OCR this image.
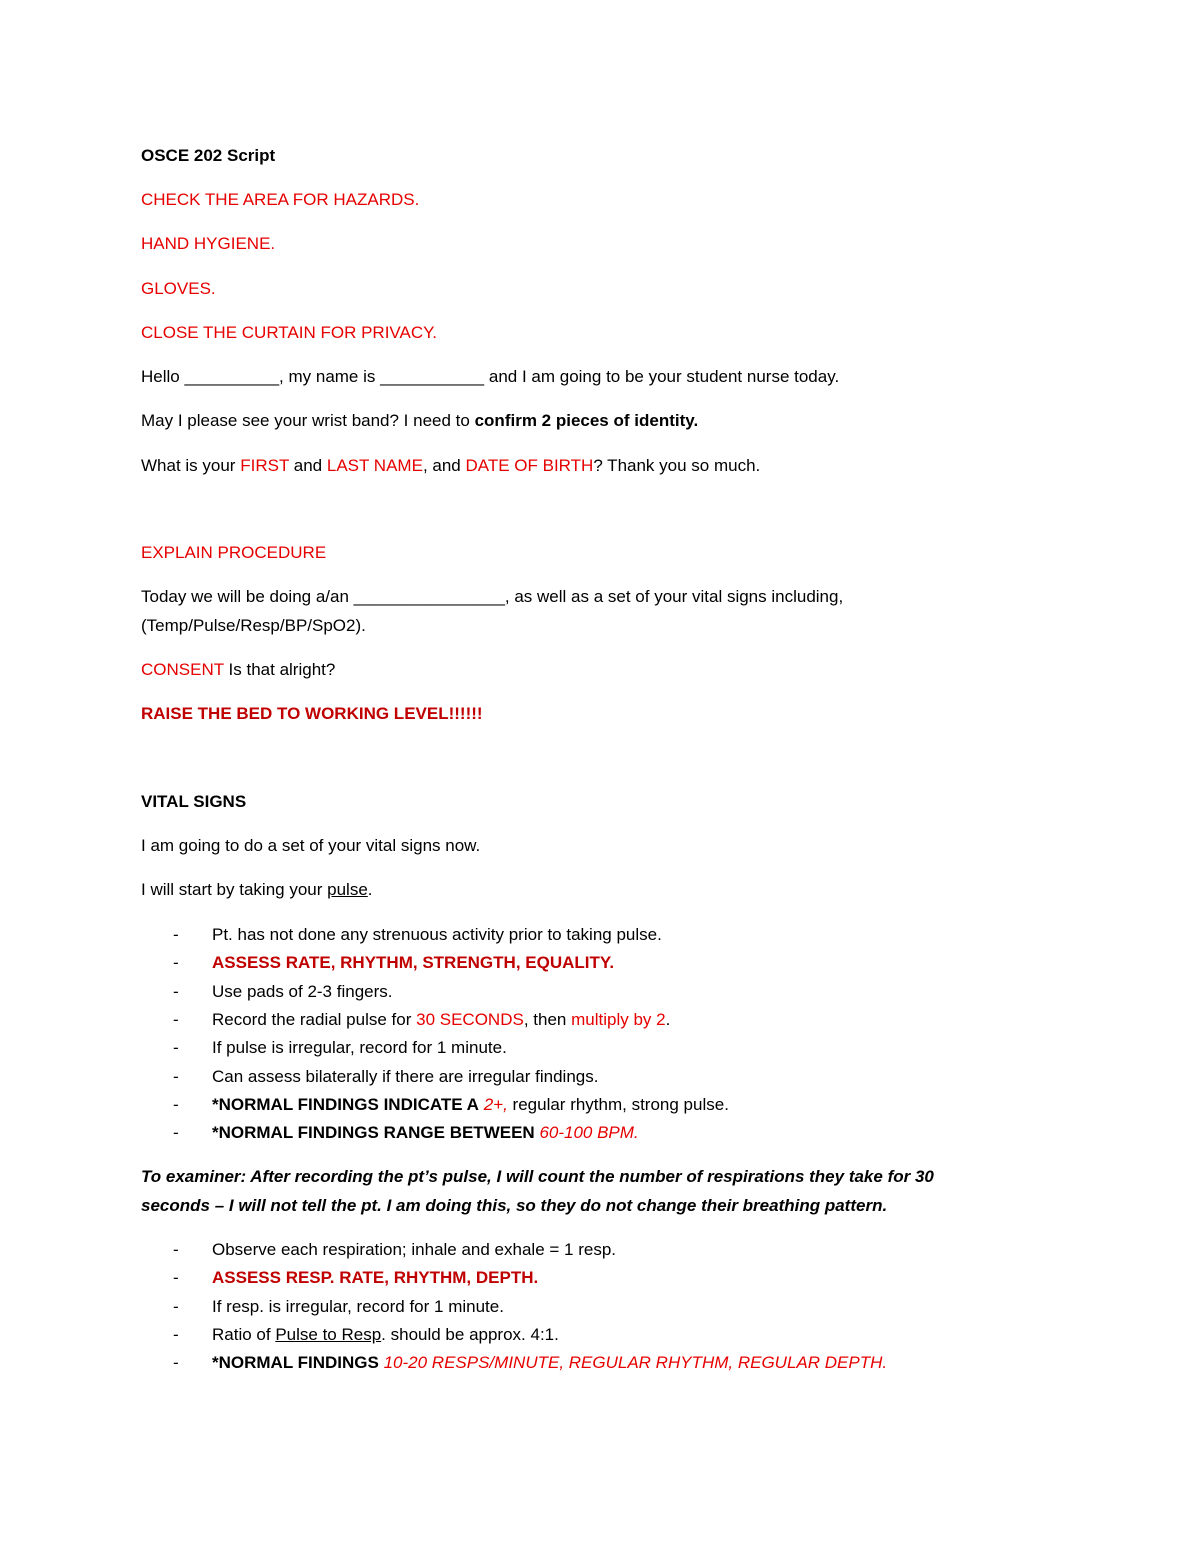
OSCE 202 Script
CHECK THE AREA FOR HAZARDS.
HAND HYGIENE.
GLOVES.
CLOSE THE CURTAIN FOR PRIVACY.
Hello __________, my name is ___________ and I am going to be your student nurse today.
May I please see your wrist band? I need to confirm 2 pieces of identity.
What is your FIRST and LAST NAME, and DATE OF BIRTH? Thank you so much.
EXPLAIN PROCEDURE
Today we will be doing a/an ________________, as well as a set of your vital signs including,
(Temp/Pulse/Resp/BP/SpO2).
CONSENT Is that alright?
RAISE THE BED TO WORKING LEVEL!!!!!!
VITAL SIGNS
I am going to do a set of your vital signs now.
I will start by taking your pulse.
- Pt. has not done any strenuous activity prior to taking pulse.
- ASSESS RATE, RHYTHM, STRENGTH, EQUALITY.
- Use pads of 2-3 fingers.
- Record the radial pulse for 30 SECONDS, then multiply by 2.
- If pulse is irregular, record for 1 minute.
- Can assess bilaterally if there are irregular findings.
- *NORMAL FINDINGS INDICATE A 2+, regular rhythm, strong pulse.
- *NORMAL FINDINGS RANGE BETWEEN 60-100 BPM.
To examiner: After recording the pt’s pulse, I will count the number of respirations they take for 30
seconds – I will not tell the pt. I am doing this, so they do not change their breathing pattern.
- Observe each respiration; inhale and exhale = 1 resp.
- ASSESS RESP. RATE, RHYTHM, DEPTH.
- If resp. is irregular, record for 1 minute.
- Ratio of Pulse to Resp. should be approx. 4:1.
- *NORMAL FINDINGS 10-20 RESPS/MINUTE, REGULAR RHYTHM, REGULAR DEPTH.
